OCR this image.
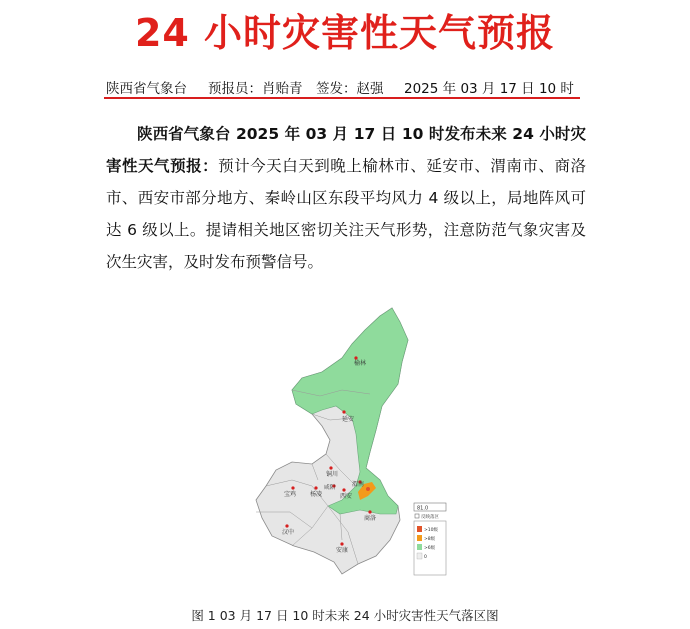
24 小时灾害性天气预报
陕西省气象台 预报员：肖贻青 签发：赵强 2025 年 03 月 17 日 10 时

陕西省气象台 2025 年 03 月 17 日 10 时发布未来 24 小时灾害性天气预报：预计今天白天到晚上榆林市、延安市、渭南市、商洛市、西安市部分地方、秦岭山区东段平均风力 4 级以上，局地阵风可达 6 级以上。提请相关地区密切关注天气形势，注意防范气象灾害及次生灾害，及时发布预警信号。

榆林
延安
铜川
宝鸡 杨凌
咸阳
西安
渭南
商洛
汉中
安康
81.0
反映落区
>10级
>8级
>6级
0
图 1 03 月 17 日 10 时未来 24 小时灾害性天气落区图
